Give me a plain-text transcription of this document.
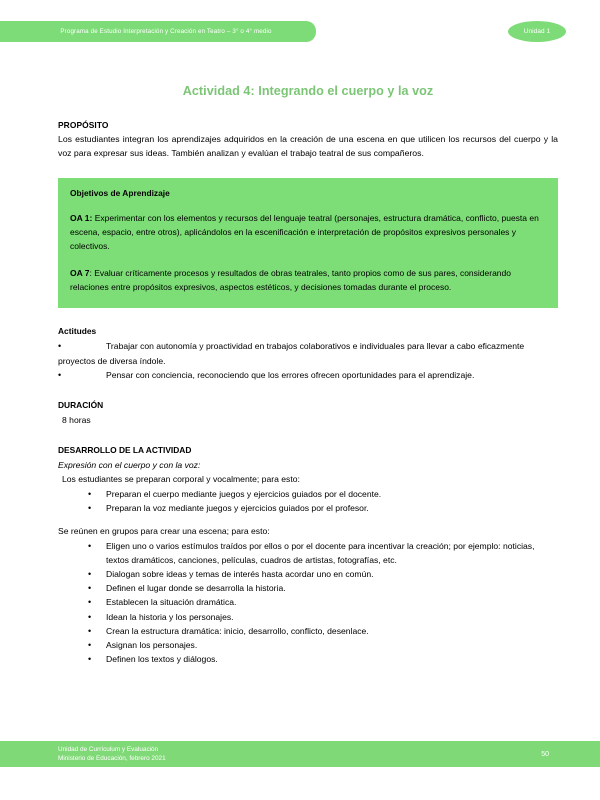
Programa de Estudio Interpretación y Creación en Teatro – 3° o 4° medio	Unidad 1
Actividad 4: Integrando el cuerpo y la voz
PROPÓSITO

Los estudiantes integran los aprendizajes adquiridos en la creación de una escena en que utilicen los recursos del cuerpo y la voz para expresar sus ideas. También analizan y evalúan el trabajo teatral de sus compañeros.

Objetivos de Aprendizaje

OA 1: Experimentar con los elementos y recursos del lenguaje teatral (personajes, estructura dramática, conflicto, puesta en escena, espacio, entre otros), aplicándolos en la escenificación e interpretación de propósitos expresivos personales y colectivos.

OA 7: Evaluar críticamente procesos y resultados de obras teatrales, tanto propios como de sus pares, considerando relaciones entre propósitos expresivos, aspectos estéticos, y decisiones tomadas durante el proceso.

Actitudes
•Trabajar con autonomía y proactividad en trabajos colaborativos e individuales para llevar a cabo eficazmente proyectos de diversa índole.
•Pensar con conciencia, reconociendo que los errores ofrecen oportunidades para el aprendizaje.
DURACIÓN

8 horas

DESARROLLO DE LA ACTIVIDAD

Expresión con el cuerpo y con la voz:

Los estudiantes se preparan corporal y vocalmente; para esto:

• Preparan el cuerpo mediante juegos y ejercicios guiados por el docente.
• Preparan la voz mediante juegos y ejercicios guiados por el profesor.

Se reúnen en grupos para crear una escena; para esto:

• Eligen uno o varios estímulos traídos por ellos o por el docente para incentivar la creación; por ejemplo: noticias, textos dramáticos, canciones, películas, cuadros de artistas, fotografías, etc.
• Dialogan sobre ideas y temas de interés hasta acordar uno en común.
• Definen el lugar donde se desarrolla la historia.
• Establecen la situación dramática.
• Idean la historia y los personajes.
• Crean la estructura dramática: inicio, desarrollo, conflicto, desenlace.
• Asignan los personajes.
• Definen los textos y diálogos.
Unidad de Currículum y Evaluación
Ministerio de Educación, febrero 2021
50
